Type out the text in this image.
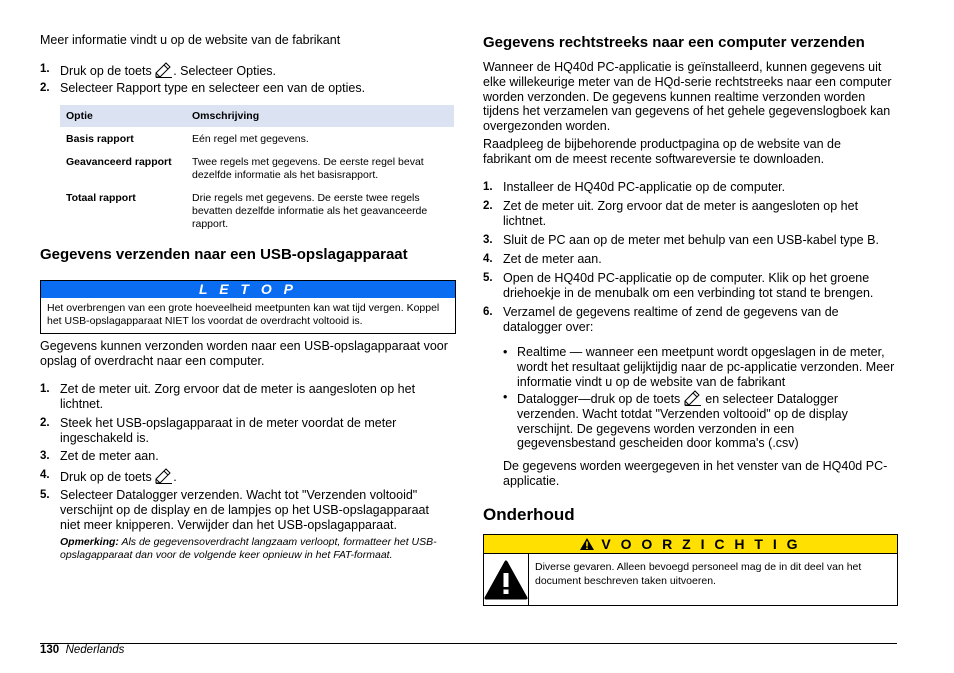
Meer informatie vindt u op de website van de fabrikant

1. Druk op de toets . Selecteer Opties.
2. Selecteer Rapport type en selecteer een van de opties.
Optie	Omschrijving
Basis rapport	Eén regel met gegevens.
Geavanceerd rapport	Twee regels met gegevens. De eerste regel bevat dezelfde informatie als het basisrapport.
Totaal rapport	Drie regels met gegevens. De eerste twee regels bevatten dezelfde informatie als het geavanceerde rapport.
Gegevens verzenden naar een USB-opslagapparaat
L E T O P
Het overbrengen van een grote hoeveelheid meetpunten kan wat tijd vergen. Koppel het USB-opslagapparaat NIET los voordat de overdracht voltooid is.

Gegevens kunnen verzonden worden naar een USB-opslagapparaat voor opslag of overdracht naar een computer.

1. Zet de meter uit. Zorg ervoor dat de meter is aangesloten op het lichtnet.
2. Steek het USB-opslagapparaat in de meter voordat de meter ingeschakeld is.
3. Zet de meter aan.
4. Druk op de toets .
5. Selecteer Datalogger verzenden. Wacht tot "Verzenden voltooid" verschijnt op de display en de lampjes op het USB-opslagapparaat niet meer knipperen. Verwijder dan het USB-opslagapparaat.
Opmerking: Als de gegevensoverdracht langzaam verloopt, formatteer het USB-opslagapparaat dan voor de volgende keer opnieuw in het FAT-formaat.
Gegevens rechtstreeks naar een computer verzenden

Wanneer de HQ40d PC-applicatie is geïnstalleerd, kunnen gegevens uit elke willekeurige meter van de HQd-serie rechtstreeks naar een computer worden verzonden. De gegevens kunnen realtime verzonden worden tijdens het verzamelen van gegevens of het gehele gegevenslogboek kan overgezonden worden.

Raadpleeg de bijbehorende productpagina op de website van de fabrikant om de meest recente softwareversie te downloaden.

1. Installeer de HQ40d PC-applicatie op de computer.
2. Zet de meter uit. Zorg ervoor dat de meter is aangesloten op het lichtnet.
3. Sluit de PC aan op de meter met behulp van een USB-kabel type B.
4. Zet de meter aan.
5. Open de HQ40d PC-applicatie op de computer. Klik op het groene driehoekje in de menubalk om een verbinding tot stand te brengen.
6. Verzamel de gegevens realtime of zend de gegevens van de datalogger over:
• Realtime — wanneer een meetpunt wordt opgeslagen in de meter, wordt het resultaat gelijktijdig naar de pc-applicatie verzonden. Meer informatie vindt u op de website van de fabrikant
• Datalogger—druk op de toets  en selecteer Datalogger verzenden. Wacht totdat "Verzenden voltooid" op de display verschijnt. De gegevens worden verzonden in een gegevensbestand gescheiden door komma's (.csv)

De gegevens worden weergegeven in het venster van de HQ40d PC-applicatie.

Onderhoud
V O O R Z I C H T I G
Diverse gevaren. Alleen bevoegd personeel mag de in dit deel van het document beschreven taken uitvoeren.
130 Nederlands
